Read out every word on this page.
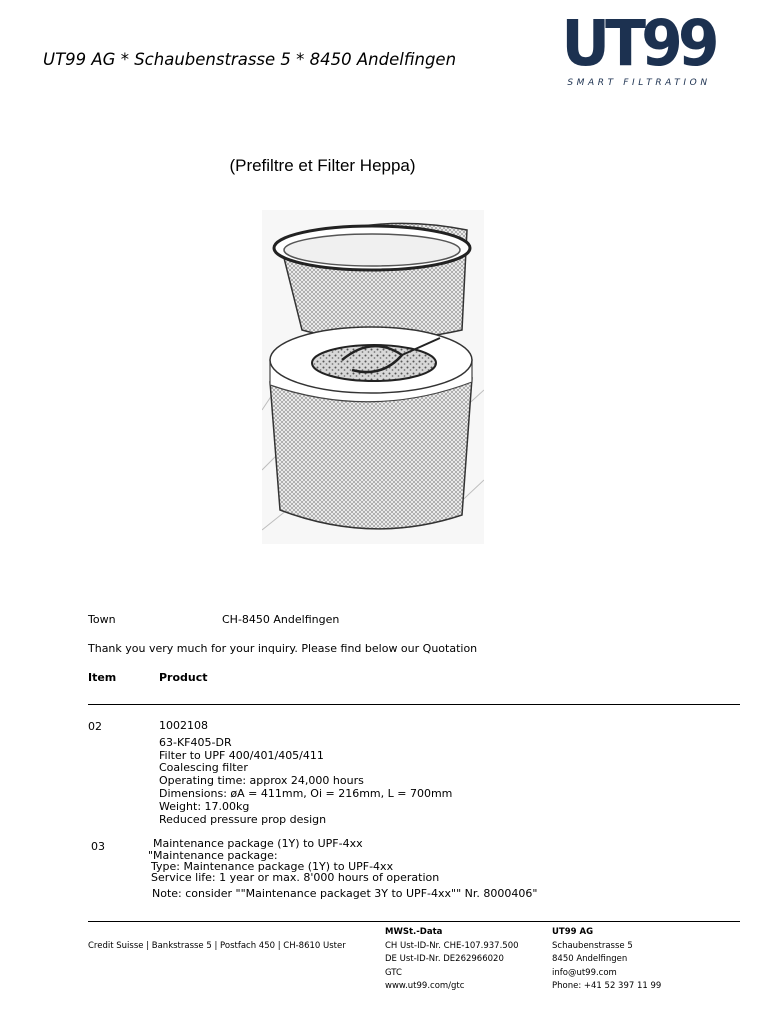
UT99 AG * Schaubenstrasse 5 * 8450 Andelfingen UT99
SMART FILTRATION
(Prefiltre et Filter Heppa)
Town	CH-8450 Andelfingen
Thank you very much for your inquiry. Please find below our Quotation
Item	Product
02	1002108
63-KF405-DR
Filter to UPF 400/401/405/411
Coalescing filter
Operating time: approx 24,000 hours
Dimensions: øA = 411mm, Oi = 216mm, L = 700mm
Weight: 17.00kg
Reduced pressure prop design
03	Maintenance package (1Y) to UPF-4xx
"Maintenance package:
Type: Maintenance package (1Y) to UPF-4xx
Service life: 1 year or max. 8'000 hours of operation
Note: consider ""Maintenance packaget 3Y to UPF-4xx"" Nr. 8000406"
Credit Suisse | Bankstrasse 5 | Postfach 450 | CH-8610 Uster
MWSt.-Data
CH Ust-ID-Nr. CHE-107.937.500
DE Ust-ID-Nr. DE262966020
GTC
www.ut99.com/gtc
UT99 AG
Schaubenstrasse 5
8450 Andelfingen
info@ut99.com
Phone: +41 52 397 11 99
